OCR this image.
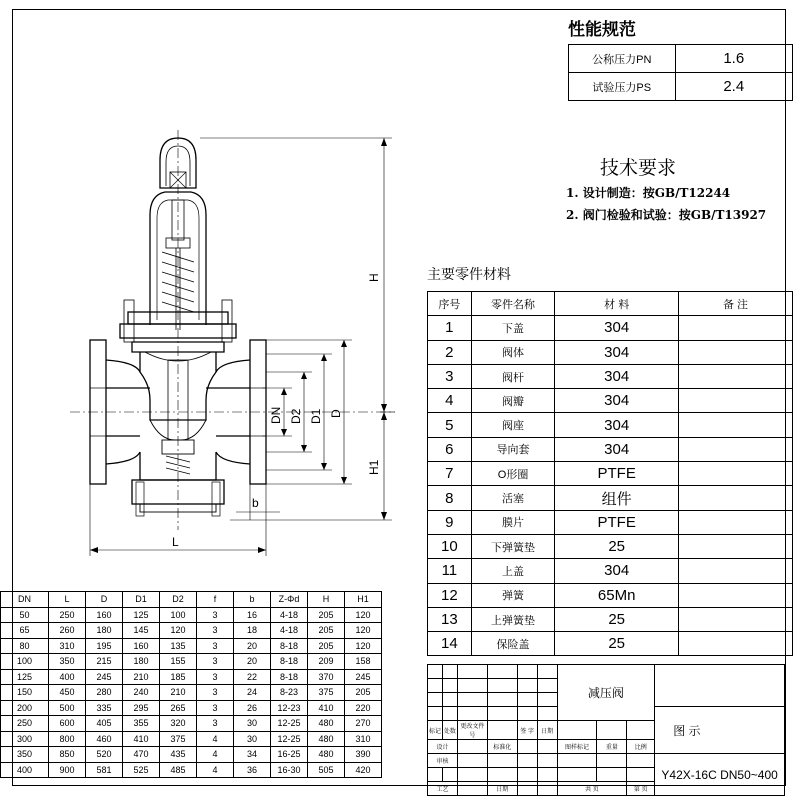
性能规范
公称压力PN	1.6
试验压力PS	2.4
技术要求
1. 设计制造：按GB/T12244
2. 阀门检验和试验：按GB/T13927
主要零件材料
序号	零件名称	材 料	备 注
1	下盖	304	
2	阀体	304	
3	阀杆	304	
4	阀瓣	304	
5	阀座	304	
6	导向套	304	
7	O形圈	PTFE	
8	活塞	组件	
9	膜片	PTFE	
10	下弹簧垫	25	
11	上盖	304	
12	弹簧	65Mn	
13	上弹簧垫	25	
14	保险盖	25	
DN	L	D	D1	D2	f	b	Z-Φd	H	H1
50	250	160	125	100	3	16	4-18	205	120
65	260	180	145	120	3	18	4-18	205	120
80	310	195	160	135	3	20	8-18	205	120
100	350	215	180	155	3	20	8-18	209	158
125	400	245	210	185	3	22	8-18	370	245
150	450	280	240	210	3	24	8-23	375	205
200	500	335	295	265	3	26	12-23	410	220
250	600	405	355	320	3	30	12-25	480	270
300	800	460	410	375	4	30	12-25	480	310
350	850	520	470	435	4	34	16-25	480	390
400	900	581	525	485	4	36	16-30	505	420
						减压阀			

									图 示
标记	处数	更改文件号		签 字	日期				
设计			标准化			图样标记	重量	比例	
审核									Y42X-16C DN50~400

工艺			日期			共 页		第 页	
H
H1
DN D2 D1 D
b
L
